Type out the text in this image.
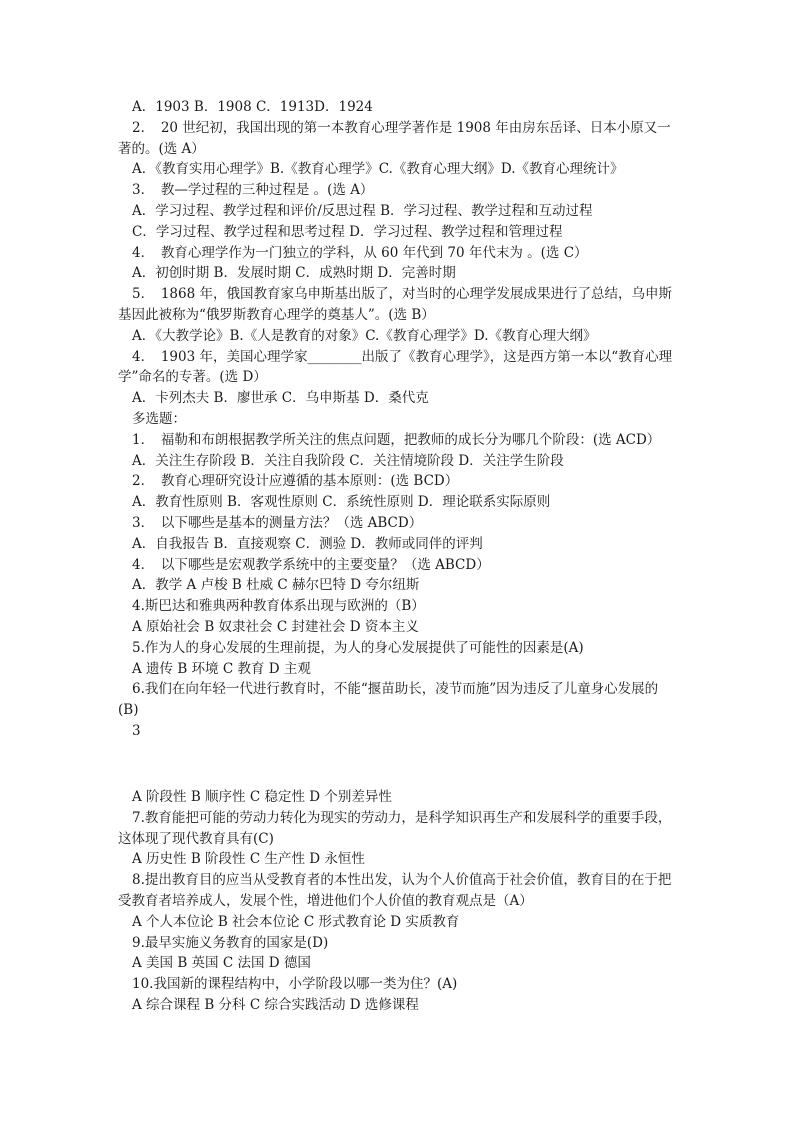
A．1903 B．1908 C．1913D．1924

2．　20 世纪初，我国出现的第一本教育心理学著作是 1908 年由房东岳译、日本小原又一著的。(选 A）

A．《教育实用心理学》B.《教育心理学》C.《教育心理大纲》D.《教育心理统计》

3．　教—学过程的三种过程是 。(选 A）

A．学习过程、教学过程和评价/反思过程 B．学习过程、教学过程和互动过程

C．学习过程、教学过程和思考过程 D．学习过程、教学过程和管理过程

4．　教育心理学作为一门独立的学科，从 60 年代到 70 年代末为 。(选 C）

A．初创时期 B．发展时期 C．成熟时期 D．完善时期

5．　1868 年，俄国教育家乌申斯基出版了，对当时的心理学发展成果进行了总结，乌申斯基因此被称为“俄罗斯教育心理学的奠基人”。(选 B）

A．《大教学论》B.《人是教育的对象》C.《教育心理学》D.《教育心理大纲》

4．　1903 年，美国心理学家________出版了《教育心理学》，这是西方第一本以“教育心理学”命名的专著。(选 D）

A．卡列杰夫 B．廖世承 C．乌申斯基 D．桑代克

多选题：

1．　福勒和布朗根据教学所关注的焦点问题，把教师的成长分为哪几个阶段：(选 ACD）

A．关注生存阶段 B．关注自我阶段 C．关注情境阶段 D．关注学生阶段

2．　教育心理研究设计应遵循的基本原则：(选 BCD）

A．教育性原则 B．客观性原则 C．系统性原则 D．理论联系实际原则

3．　以下哪些是基本的测量方法？（选 ABCD）

A．自我报告 B．直接观察 C．测验 D．教师或同伴的评判

4．　以下哪些是宏观教学系统中的主要变量？（选 ABCD）

A．教学 A 卢梭 B 杜威 C 赫尔巴特 D 夸尔纽斯

4.斯巴达和雅典两种教育体系出现与欧洲的（B）

A 原始社会 B 奴隶社会 C 封建社会 D 资本主义

5.作为人的身心发展的生理前提，为人的身心发展提供了可能性的因素是(A)

A 遗传 B 环境 C 教育 D 主观

6.我们在向年轻一代进行教育时，不能“揠苗助长，凌节而施”因为违反了儿童身心发展的(B)

3

A 阶段性 B 顺序性 C 稳定性 D 个别差异性

7.教育能把可能的劳动力转化为现实的劳动力，是科学知识再生产和发展科学的重要手段，这体现了现代教育具有(C)

A 历史性 B 阶段性 C 生产性 D 永恒性

8.提出教育目的应当从受教育者的本性出发，认为个人价值高于社会价值，教育目的在于把受教育者培养成人，发展个性，增进他们个人价值的教育观点是（A）

A 个人本位论 B 社会本位论 C 形式教育论 D 实质教育

9.最早实施义务教育的国家是(D)

A 美国 B 英国 C 法国 D 德国

10.我国新的课程结构中，小学阶段以哪一类为住？(A)

A 综合课程 B 分科 C 综合实践活动 D 选修课程
